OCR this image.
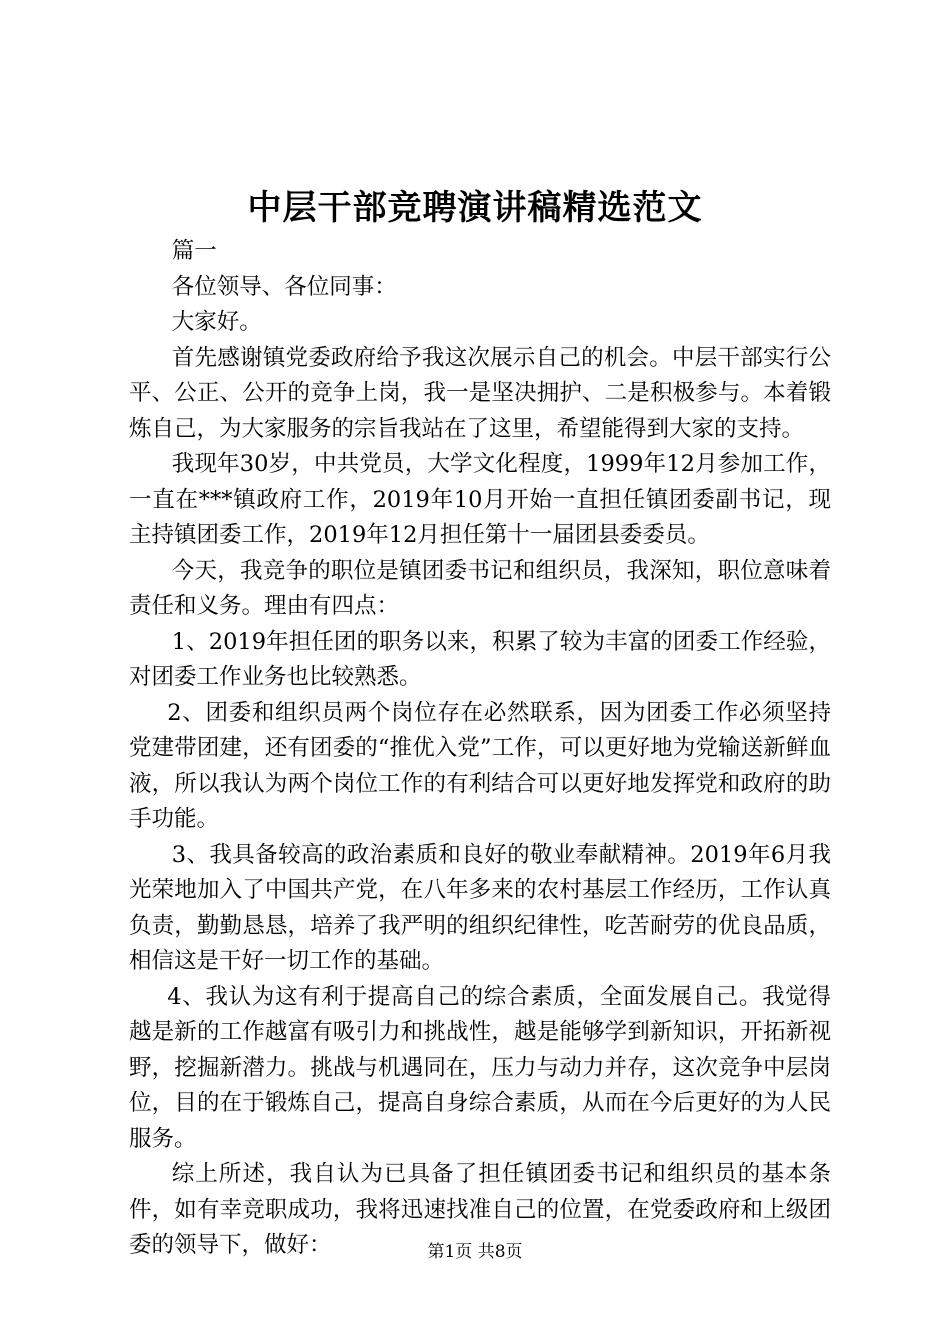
中层干部竞聘演讲稿精选范文

篇一

各位领导、各位同事：

大家好。

首先感谢镇党委政府给予我这次展示自己的机会。中层干部实行公平、公正、公开的竞争上岗，我一是坚决拥护、二是积极参与。本着锻炼自己，为大家服务的宗旨我站在了这里，希望能得到大家的支持。

我现年30岁，中共党员，大学文化程度，1999年12月参加工作，一直在***镇政府工作，2019年10月开始一直担任镇团委副书记，现主持镇团委工作，2019年12月担任第十一届团县委委员。

今天，我竞争的职位是镇团委书记和组织员，我深知，职位意味着责任和义务。理由有四点：

1、2019年担任团的职务以来，积累了较为丰富的团委工作经验，对团委工作业务也比较熟悉。

2、团委和组织员两个岗位存在必然联系，因为团委工作必须坚持党建带团建，还有团委的“推优入党”工作，可以更好地为党输送新鲜血液，所以我认为两个岗位工作的有利结合可以更好地发挥党和政府的助手功能。

3、我具备较高的政治素质和良好的敬业奉献精神。2019年6月我光荣地加入了中国共产党，在八年多来的农村基层工作经历，工作认真负责，勤勤恳恳，培养了我严明的组织纪律性，吃苦耐劳的优良品质，相信这是干好一切工作的基础。

4、我认为这有利于提高自己的综合素质，全面发展自己。我觉得越是新的工作越富有吸引力和挑战性，越是能够学到新知识，开拓新视野，挖掘新潜力。挑战与机遇同在，压力与动力并存，这次竞争中层岗位，目的在于锻炼自己，提高自身综合素质，从而在今后更好的为人民服务。

综上所述，我自认为已具备了担任镇团委书记和组织员的基本条件，如有幸竞职成功，我将迅速找准自己的位置，在党委政府和上级团委的领导下，做好：	第1页 共8页
